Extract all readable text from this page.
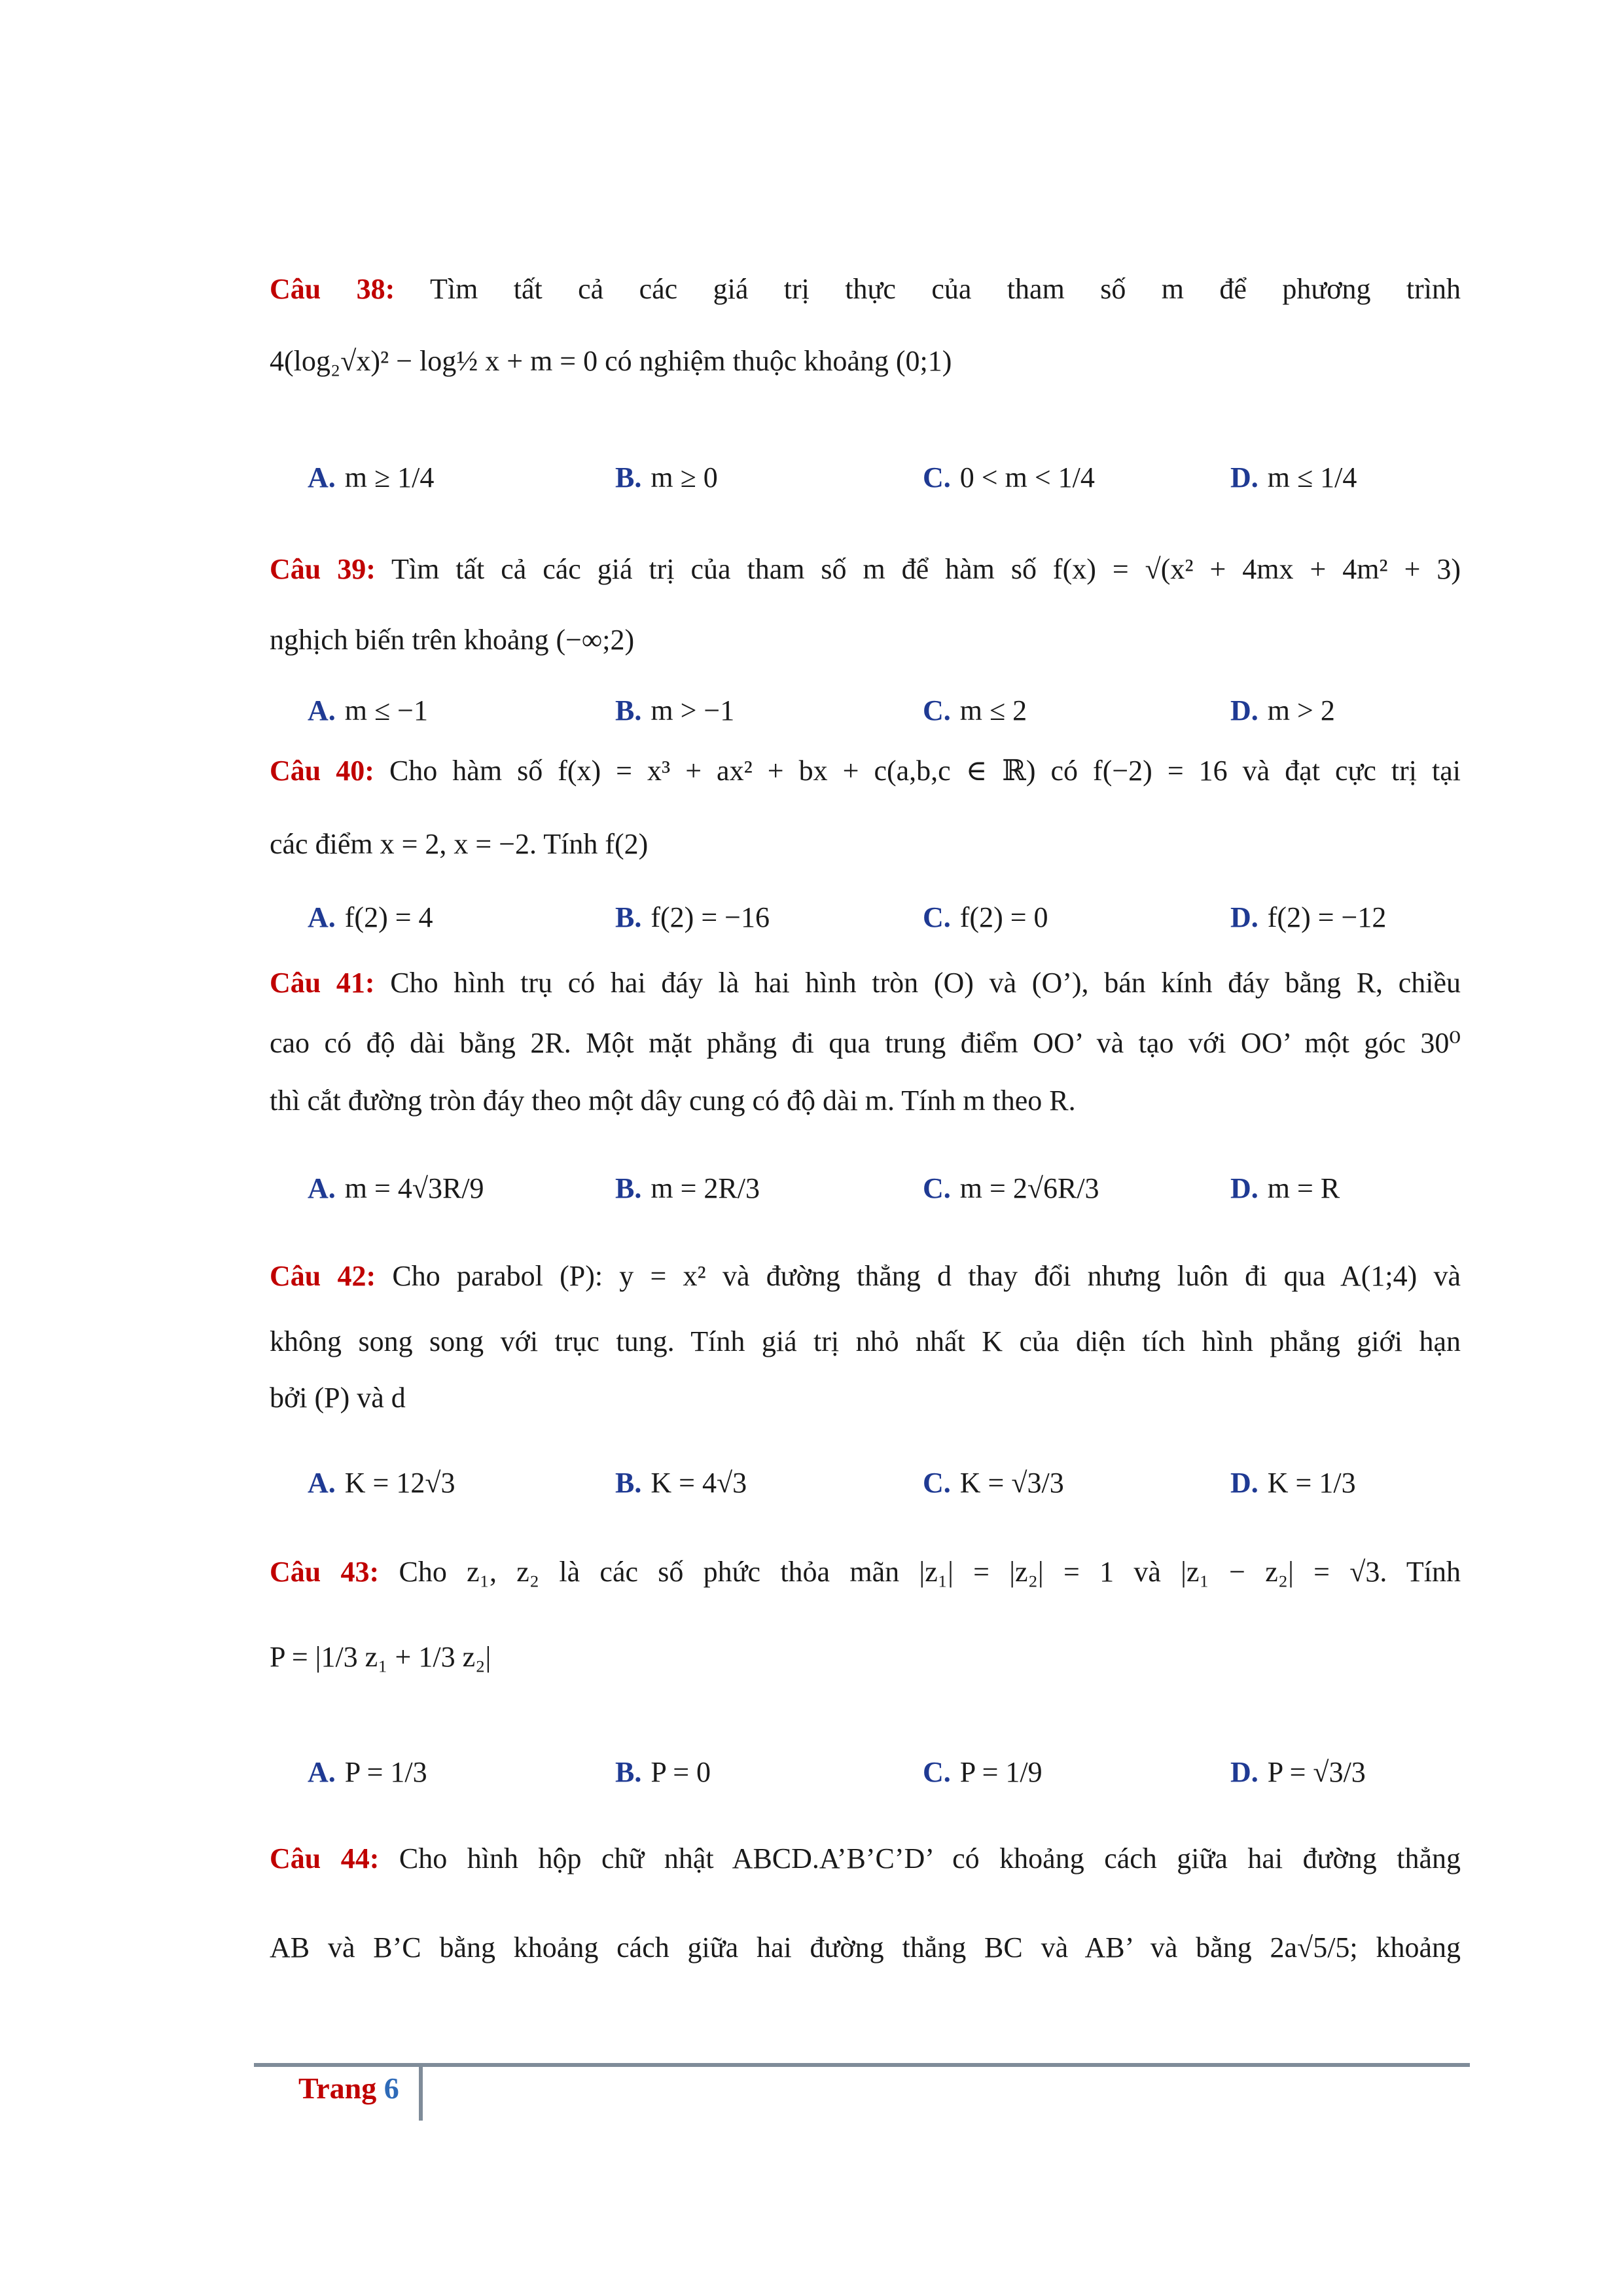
Câu 38: Tìm tất cả các giá trị thực của tham số m để phương trình
4(log₂√x)² − log½ x + m = 0 có nghiệm thuộc khoảng (0;1)
A. m ≥ 1/4	B. m ≥ 0	C. 0 < m < 1/4	D. m ≤ 1/4
Câu 39: Tìm tất cả các giá trị của tham số m để hàm số f(x) = √(x² + 4mx + 4m² + 3)
nghịch biến trên khoảng (−∞;2)
A. m ≤ −1	B. m > −1	C. m ≤ 2	D. m > 2
Câu 40: Cho hàm số f(x) = x³ + ax² + bx + c(a,b,c ∈ ℝ) có f(−2) = 16 và đạt cực trị tại
các điểm x = 2, x = −2. Tính f(2)
A. f(2) = 4	B. f(2) = −16	C. f(2) = 0	D. f(2) = −12
Câu 41: Cho hình trụ có hai đáy là hai hình tròn (O) và (O’), bán kính đáy bằng R, chiều
cao có độ dài bằng 2R. Một mặt phẳng đi qua trung điểm OO’ và tạo với OO’ một góc 30⁰
thì cắt đường tròn đáy theo một dây cung có độ dài m. Tính m theo R.
A. m = 4√3R/9	B. m = 2R/3	C. m = 2√6R/3	D. m = R
Câu 42: Cho parabol (P): y = x² và đường thẳng d thay đổi nhưng luôn đi qua A(1;4) và
không song song với trục tung. Tính giá trị nhỏ nhất K của diện tích hình phẳng giới hạn
bởi (P) và d
A. K = 12√3	B. K = 4√3	C. K = √3/3	D. K = 1/3
Câu 43: Cho z₁, z₂ là các số phức thỏa mãn |z₁| = |z₂| = 1 và |z₁ − z₂| = √3. Tính
P = |1/3 z₁ + 1/3 z₂|
A. P = 1/3	B. P = 0	C. P = 1/9	D. P = √3/3
Câu 44: Cho hình hộp chữ nhật ABCD.A’B’C’D’ có khoảng cách giữa hai đường thẳng
AB và B’C bằng khoảng cách giữa hai đường thẳng BC và AB’ và bằng 2a√5/5; khoảng
Trang 6
